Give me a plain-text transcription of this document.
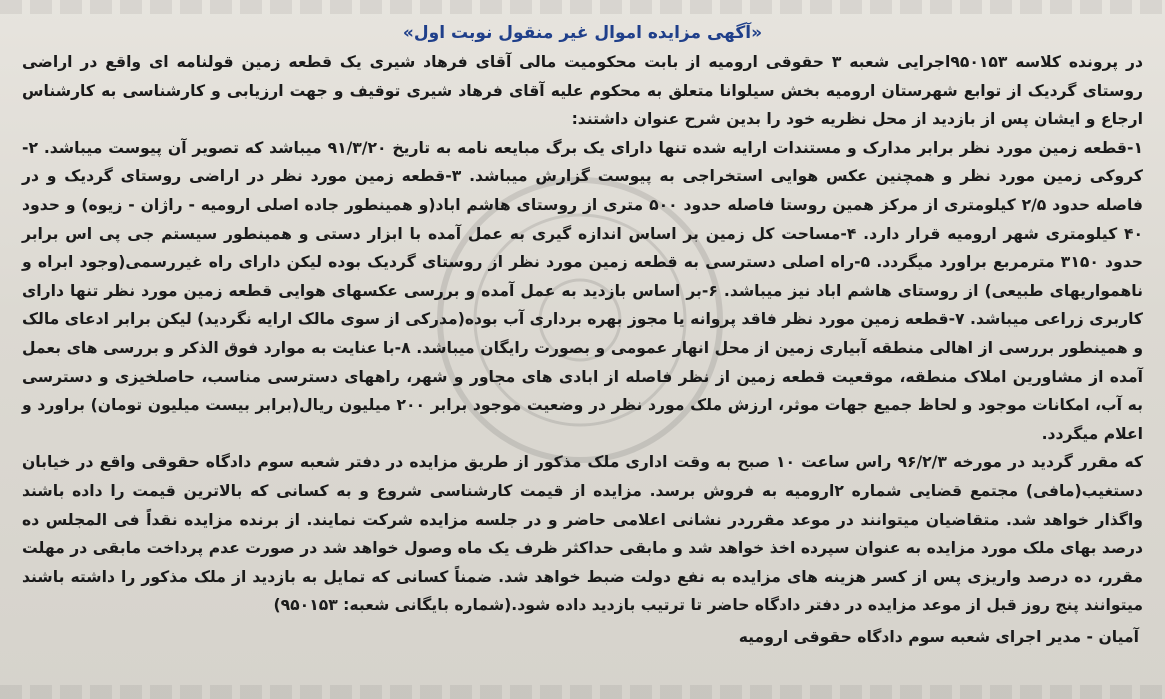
«آگهی مزایده اموال غیر منقول نوبت اول»

در پرونده کلاسه ۹۵۰۱۵۳اجرایی شعبه ۳ حقوقی ارومیه از بابت محکومیت مالی آقای فرهاد شیری یک قطعه زمین قولنامه ای واقع در اراضی روستای گردیک از توابع شهرستان ارومیه بخش سیلوانا متعلق به محکوم علیه آقای فرهاد شیری توقیف و جهت ارزیابی و کارشناسی به کارشناس ارجاع و ایشان پس از بازدید از محل نظریه خود را بدین شرح عنوان داشتند:

۱-قطعه زمین مورد نظر برابر مدارک و مستندات ارایه شده تنها دارای یک برگ مبایعه نامه به تاریخ ۹۱/۳/۲۰ میباشد که تصویر آن پیوست میباشد. ۲-کروکی زمین مورد نظر و همچنین عکس هوایی استخراجی به پیوست گزارش میباشد. ۳-قطعه زمین مورد نظر در اراضی روستای گردیک و در فاصله حدود ۲/۵ کیلومتری از مرکز همین روستا فاصله حدود ۵۰۰ متری از روستای هاشم اباد(و همینطور جاده اصلی ارومیه - راژان - زیوه) و حدود ۴۰ کیلومتری شهر ارومیه قرار دارد. ۴-مساحت کل زمین بر اساس اندازه گیری به عمل آمده با ابزار دستی و همینطور سیستم جی پی اس برابر حدود ۳۱۵۰ مترمربع براورد میگردد. ۵-راه اصلی دسترسی به قطعه زمین مورد نظر از روستای گردیک بوده لیکن دارای راه غیررسمی(وجود ابراه و ناهمواریهای طبیعی) از روستای هاشم اباد نیز میباشد. ۶-بر اساس بازدید به عمل آمده و بررسی عکسهای هوایی قطعه زمین مورد نظر تنها دارای کاربری زراعی میباشد. ۷-قطعه زمین مورد نظر فاقد پروانه یا مجوز بهره برداری آب بوده(مدرکی از سوی مالک ارایه نگردید) لیکن برابر ادعای مالک و همینطور بررسی از اهالی منطقه آبیاری زمین از محل انهار عمومی و بصورت رایگان میباشد. ۸-با عنایت به موارد فوق الذکر و بررسی های بعمل آمده از مشاورین املاک منطقه، موقعیت قطعه زمین از نظر فاصله از ابادی های مجاور و شهر، راههای دسترسی مناسب، حاصلخیزی و دسترسی به آب، امکانات موجود و لحاظ جمیع جهات موثر، ارزش ملک مورد نظر در وضعیت موجود برابر ۲۰۰ میلیون ریال(برابر بیست میلیون تومان) براورد و اعلام میگردد.

که مقرر گردید در مورخه ۹۶/۲/۳ راس ساعت ۱۰ صبح به وقت اداری ملک مذکور از طریق مزایده در دفتر شعبه سوم دادگاه حقوقی واقع در خیابان دستغیب(مافی) مجتمع قضایی شماره ۲ارومیه به فروش برسد. مزایده از قیمت کارشناسی شروع و به کسانی که بالاترین قیمت را داده باشند واگذار خواهد شد. متقاضیان میتوانند در موعد مقرردر نشانی اعلامی حاضر و در جلسه مزایده شرکت نمایند. از برنده مزایده نقداً فی المجلس ده درصد بهای ملک مورد مزایده به عنوان سپرده اخذ خواهد شد و مابقی حداکثر ظرف یک ماه وصول خواهد شد در صورت عدم پرداخت مابقی در مهلت مقرر، ده درصد واریزی پس از کسر هزینه های مزایده به نفع دولت ضبط خواهد شد. ضمناً کسانی که تمایل به بازدید از ملک مذکور را داشته باشند میتوانند پنج روز قبل از موعد مزایده در دفتر دادگاه حاضر تا ترتیب بازدید داده شود.(شماره بایگانی شعبه: ۹۵۰۱۵۳)

آمیان - مدیر اجرای شعبه سوم دادگاه حقوقی ارومیه
